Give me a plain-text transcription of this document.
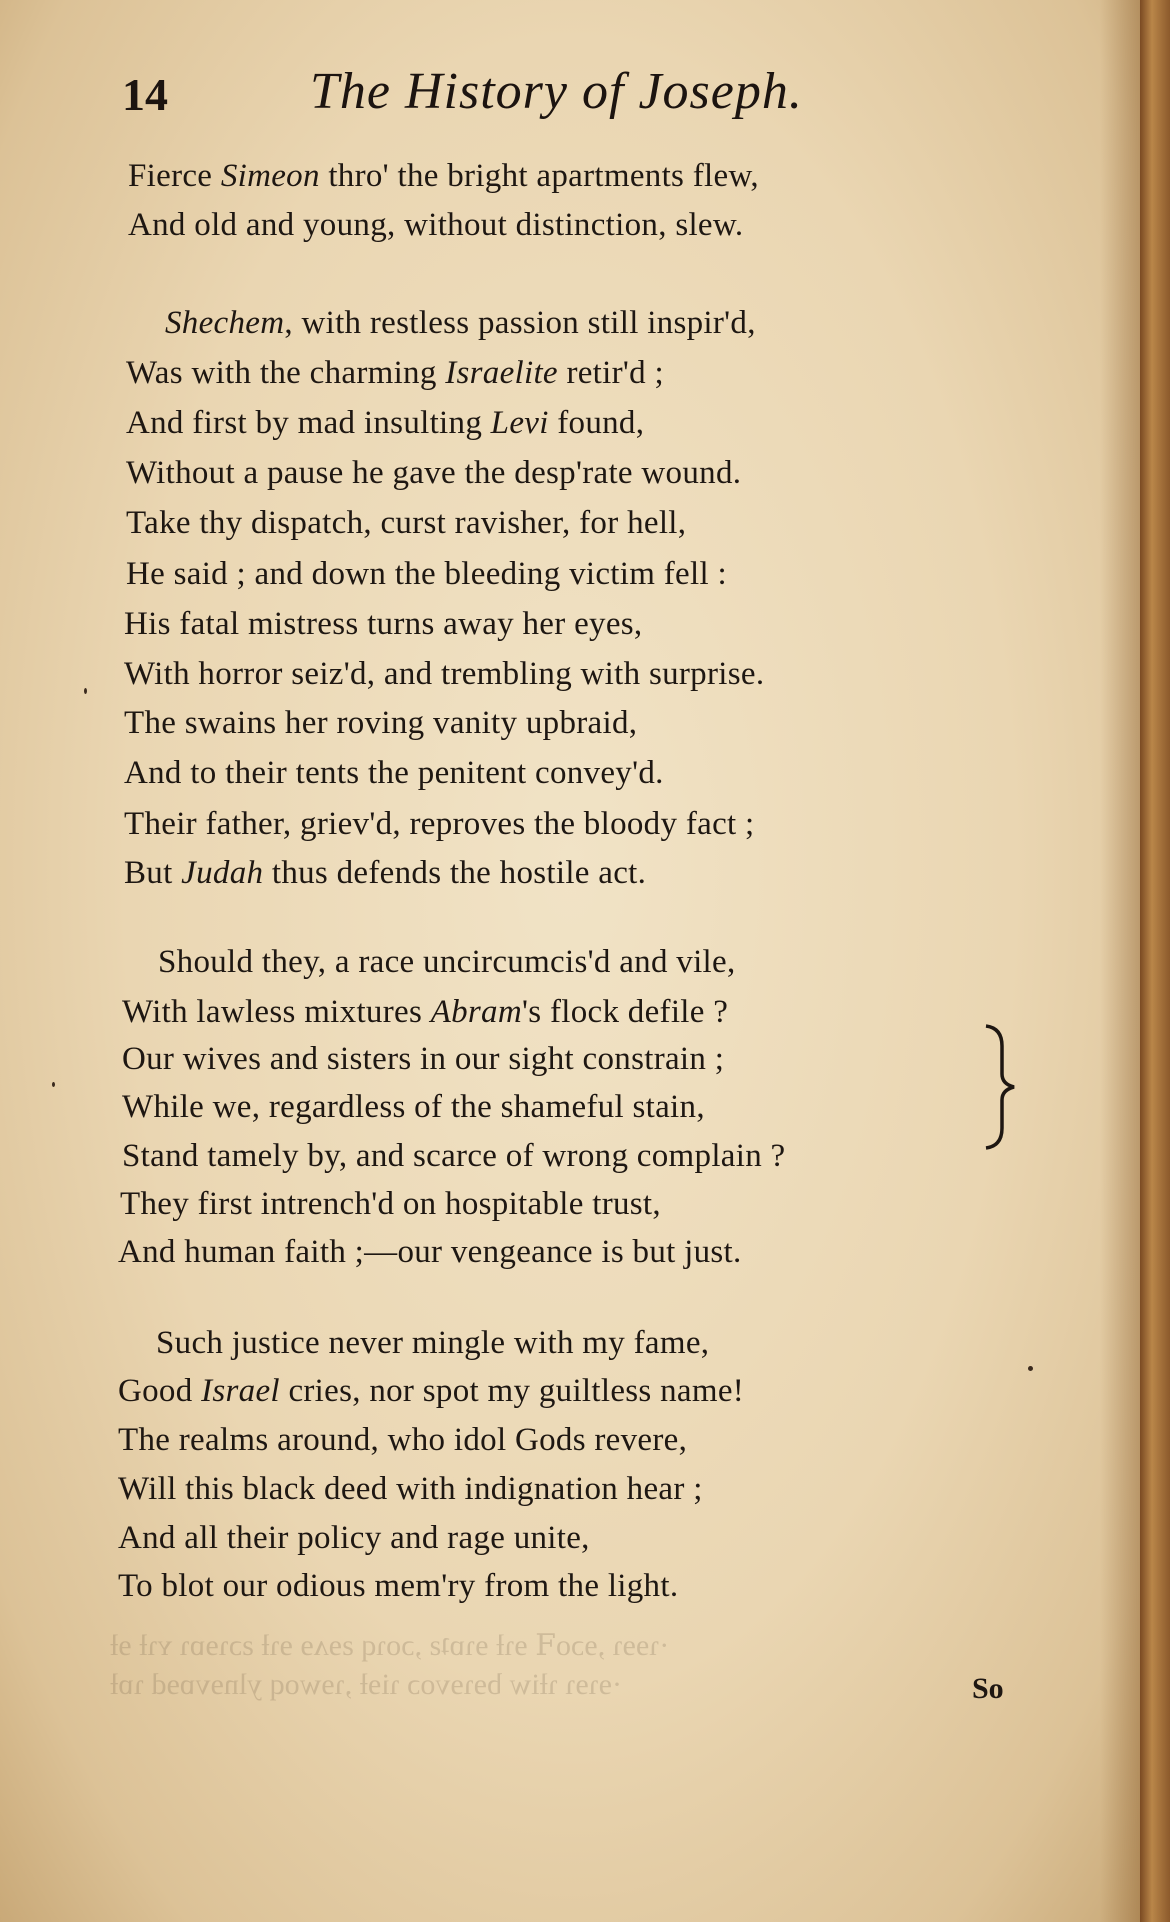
·ɿɘɘɿ ,ɘɔoꟻ ɘɿƚ ɘɿɒʇƨ ,ɔoɿq ƨɘʌɘ ɘɿƚ ƨɔɿɘɒɿ ʏɿƚ ɘƚ
·ɘɿɘɿ ɿƚiw bɘɿɘvoɔ ɿiɘƚ ,ɿɘwoq ylnɘvɒɘd ɿɒƚ
14	The History of Joseph.
Fierce Simeon thro' the bright apartments flew,
And old and young, without distinction, slew.
Shechem, with restless passion still inspir'd,
Was with the charming Israelite retir'd ;
And first by mad insulting Levi found,
Without a pause he gave the desp'rate wound.
Take thy dispatch, curst ravisher, for hell,
He said ; and down the bleeding victim fell :
His fatal mistress turns away her eyes,
With horror seiz'd, and trembling with surprise.
The swains her roving vanity upbraid,
And to their tents the penitent convey'd.
Their father, griev'd, reproves the bloody fact ;
But Judah thus defends the hostile act.
Should they, a race uncircumcis'd and vile,
With lawless mixtures Abram's flock defile ?
Our wives and sisters in our sight constrain ;
While we, regardless of the shameful stain,
Stand tamely by, and scarce of wrong complain ?
They first intrench'd on hospitable trust,
And human faith ;—our vengeance is but just.
Such justice never mingle with my fame,
Good Israel cries, nor spot my guiltless name!
The realms around, who idol Gods revere,
Will this black deed with indignation hear ;
And all their policy and rage unite,
To blot our odious mem'ry from the light.
So
